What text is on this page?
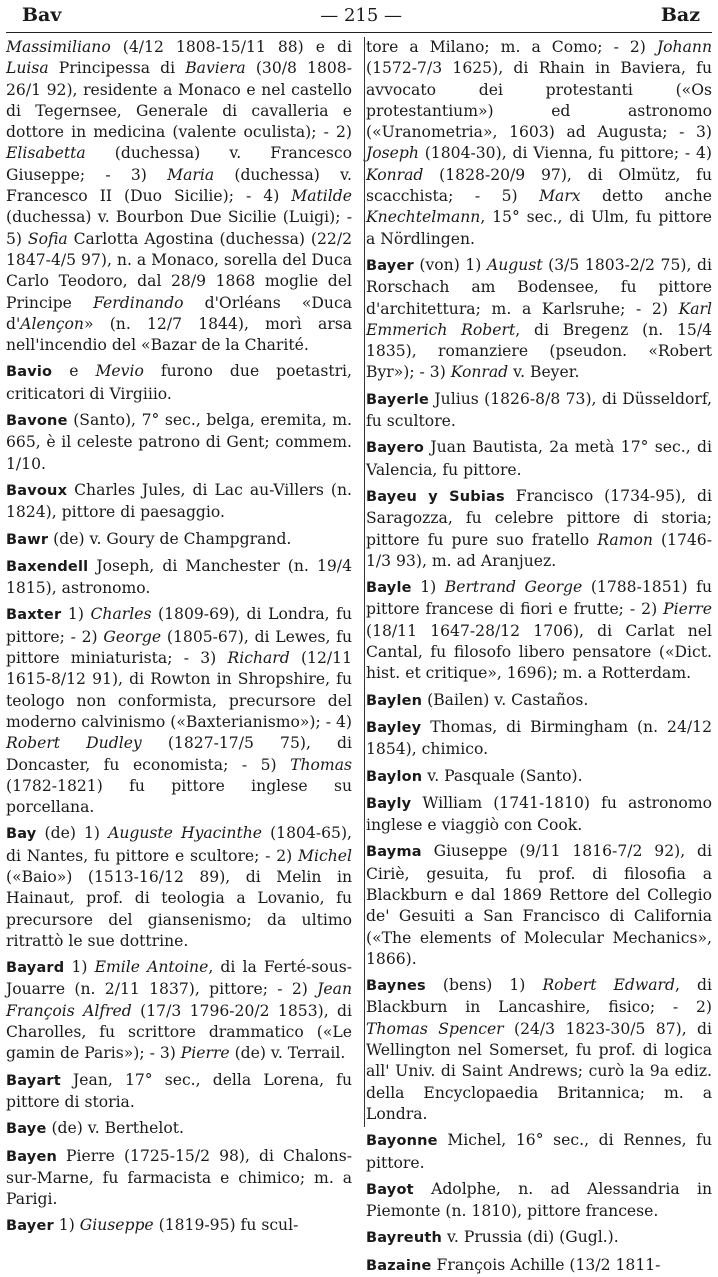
Bav	— 215 —	Baz

Massimiliano (4/12 1808-15/11 88) e di Luisa Principessa di Baviera (30/8 1808-26/1 92), residente a Monaco e nel castello di Tegernsee, Generale di cavalleria e dottore in medicina (valente oculista); - 2) Elisabetta (duchessa) v. Francesco Giuseppe; - 3) Maria (duchessa) v. Francesco II (Duo Sicilie); - 4) Matilde (duchessa) v. Bourbon Due Sicilie (Luigi); - 5) Sofia Carlotta Agostina (duchessa) (22/2 1847-4/5 97), n. a Monaco, sorella del Duca Carlo Teodoro, dal 28/9 1868 moglie del Principe Ferdinando d'Orléans «Duca d'Alençon» (n. 12/7 1844), morì arsa nell'incendio del «Bazar de la Charité.

Bavio e Mevio furono due poetastri, criticatori di Virgiiio.

Bavone (Santo), 7° sec., belga, eremita, m. 665, è il celeste patrono di Gent; commem. 1/10.

Bavoux Charles Jules, di Lac au-Villers (n. 1824), pittore di paesaggio.

Bawr (de) v. Goury de Champgrand.

Baxendell Joseph, di Manchester (n. 19/4 1815), astronomo.

Baxter 1) Charles (1809-69), di Londra, fu pittore; - 2) George (1805-67), di Lewes, fu pittore miniaturista; - 3) Richard (12/11 1615-8/12 91), di Rowton in Shropshire, fu teologo non conformista, precursore del moderno calvinismo («Baxterianismo»); - 4) Robert Dudley (1827-17/5 75), di Doncaster, fu economista; - 5) Thomas (1782-1821) fu pittore inglese su porcellana.

Bay (de) 1) Auguste Hyacinthe (1804-65), di Nantes, fu pittore e scultore; - 2) Michel («Baio») (1513-16/12 89), di Melin in Hainaut, prof. di teologia a Lovanio, fu precursore del giansenismo; da ultimo ritrattò le sue dottrine.

Bayard 1) Emile Antoine, di la Ferté-sous-Jouarre (n. 2/11 1837), pittore; - 2) Jean François Alfred (17/3 1796-20/2 1853), di Charolles, fu scrittore drammatico («Le gamin de Paris»); - 3) Pierre (de) v. Terrail.

Bayart Jean, 17° sec., della Lorena, fu pittore di storia.

Baye (de) v. Berthelot.

Bayen Pierre (1725-15/2 98), di Chalons-sur-Marne, fu farmacista e chimico; m. a Parigi.

Bayer 1) Giuseppe (1819-95) fu scul-

tore a Milano; m. a Como; - 2) Johann (1572-7/3 1625), di Rhain in Baviera, fu avvocato dei protestanti («Os protestantium») ed astronomo («Uranometria», 1603) ad Augusta; - 3) Joseph (1804-30), di Vienna, fu pittore; - 4) Konrad (1828-20/9 97), di Olmütz, fu scacchista; - 5) Marx detto anche Knechtelmann, 15° sec., di Ulm, fu pittore a Nördlingen.

Bayer (von) 1) August (3/5 1803-2/2 75), di Rorschach am Bodensee, fu pittore d'architettura; m. a Karlsruhe; - 2) Karl Emmerich Robert, di Bregenz (n. 15/4 1835), romanziere (pseudon. «Robert Byr»); - 3) Konrad v. Beyer.

Bayerle Julius (1826-8/8 73), di Düsseldorf, fu scultore.

Bayero Juan Bautista, 2a metà 17° sec., di Valencia, fu pittore.

Bayeu y Subias Francisco (1734-95), di Saragozza, fu celebre pittore di storia; pittore fu pure suo fratello Ramon (1746-1/3 93), m. ad Aranjuez.

Bayle 1) Bertrand George (1788-1851) fu pittore francese di fiori e frutte; - 2) Pierre (18/11 1647-28/12 1706), di Carlat nel Cantal, fu filosofo libero pensatore («Dict. hist. et critique», 1696); m. a Rotterdam.

Baylen (Bailen) v. Castaños.

Bayley Thomas, di Birmingham (n. 24/12 1854), chimico.

Baylon v. Pasquale (Santo).

Bayly William (1741-1810) fu astronomo inglese e viaggiò con Cook.

Bayma Giuseppe (9/11 1816-7/2 92), di Ciriè, gesuita, fu prof. di filosofia a Blackburn e dal 1869 Rettore del Collegio de' Gesuiti a San Francisco di California («The elements of Molecular Mechanics», 1866).

Baynes (bens) 1) Robert Edward, di Blackburn in Lancashire, fisico; - 2) Thomas Spencer (24/3 1823-30/5 87), di Wellington nel Somerset, fu prof. di logica all' Univ. di Saint Andrews; curò la 9a ediz. della Encyclopaedia Britannica; m. a Londra.

Bayonne Michel, 16° sec., di Rennes, fu pittore.

Bayot Adolphe, n. ad Alessandria in Piemonte (n. 1810), pittore francese.

Bayreuth v. Prussia (di) (Gugl.).

Bazaine François Achille (13/2 1811-
